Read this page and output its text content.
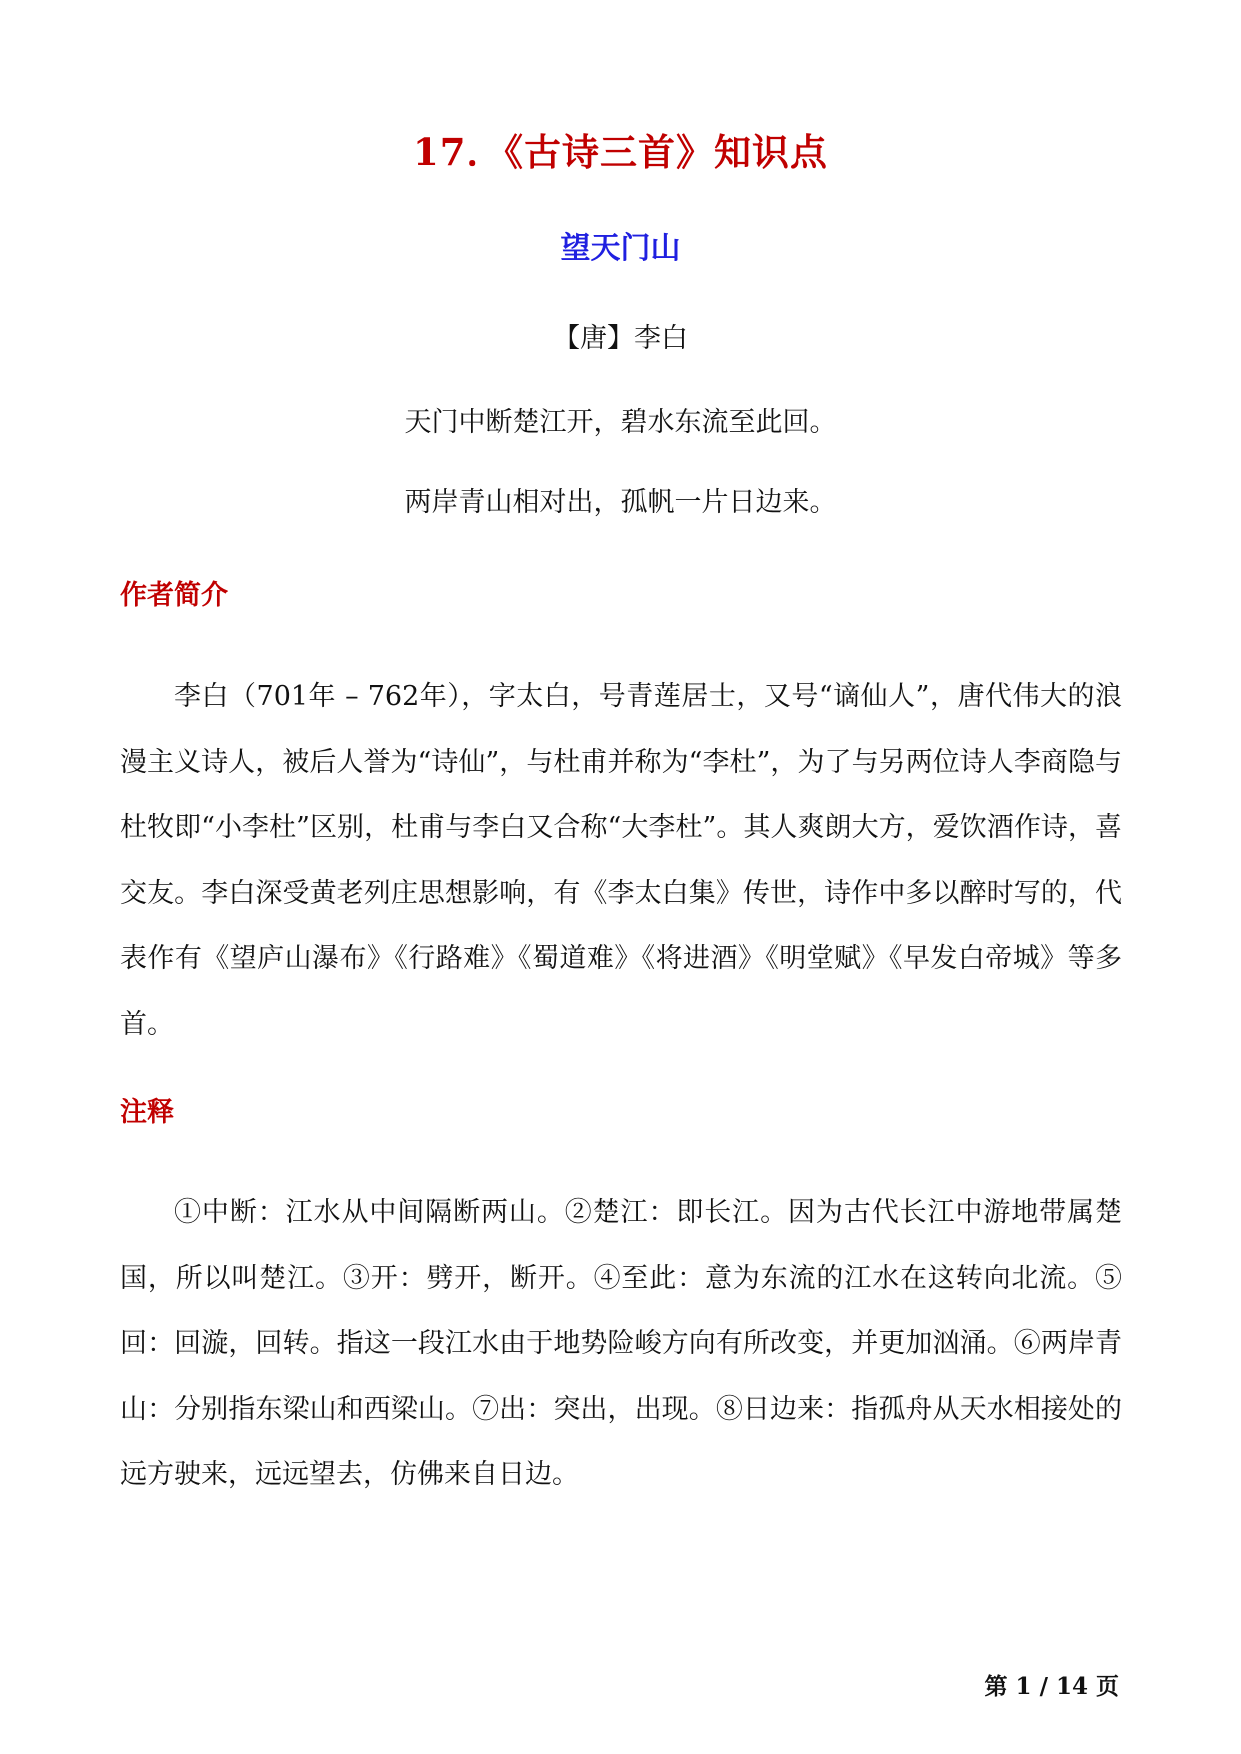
17．《古诗三首》知识点
望天门山

【唐】李白

天门中断楚江开，碧水东流至此回。

两岸青山相对出，孤帆一片日边来。

作者简介

李白（701年 – 762年），字太白，号青莲居士，又号“谪仙人”，唐代伟大的浪漫主义诗人，被后人誉为“诗仙”，与杜甫并称为“李杜”，为了与另两位诗人李商隐与杜牧即“小李杜”区别，杜甫与李白又合称“大李杜”。其人爽朗大方，爱饮酒作诗，喜交友。李白深受黄老列庄思想影响，有《李太白集》传世，诗作中多以醉时写的，代表作有《望庐山瀑布》《行路难》《蜀道难》《将进酒》《明堂赋》《早发白帝城》等多首。

注释

①中断：江水从中间隔断两山。②楚江：即长江。因为古代长江中游地带属楚国，所以叫楚江。③开：劈开，断开。④至此：意为东流的江水在这转向北流。⑤回：回漩，回转。指这一段江水由于地势险峻方向有所改变，并更加汹涌。⑥两岸青山：分别指东梁山和西梁山。⑦出：突出，出现。⑧日边来：指孤舟从天水相接处的远方驶来，远远望去，仿佛来自日边。

第 1 / 14 页
